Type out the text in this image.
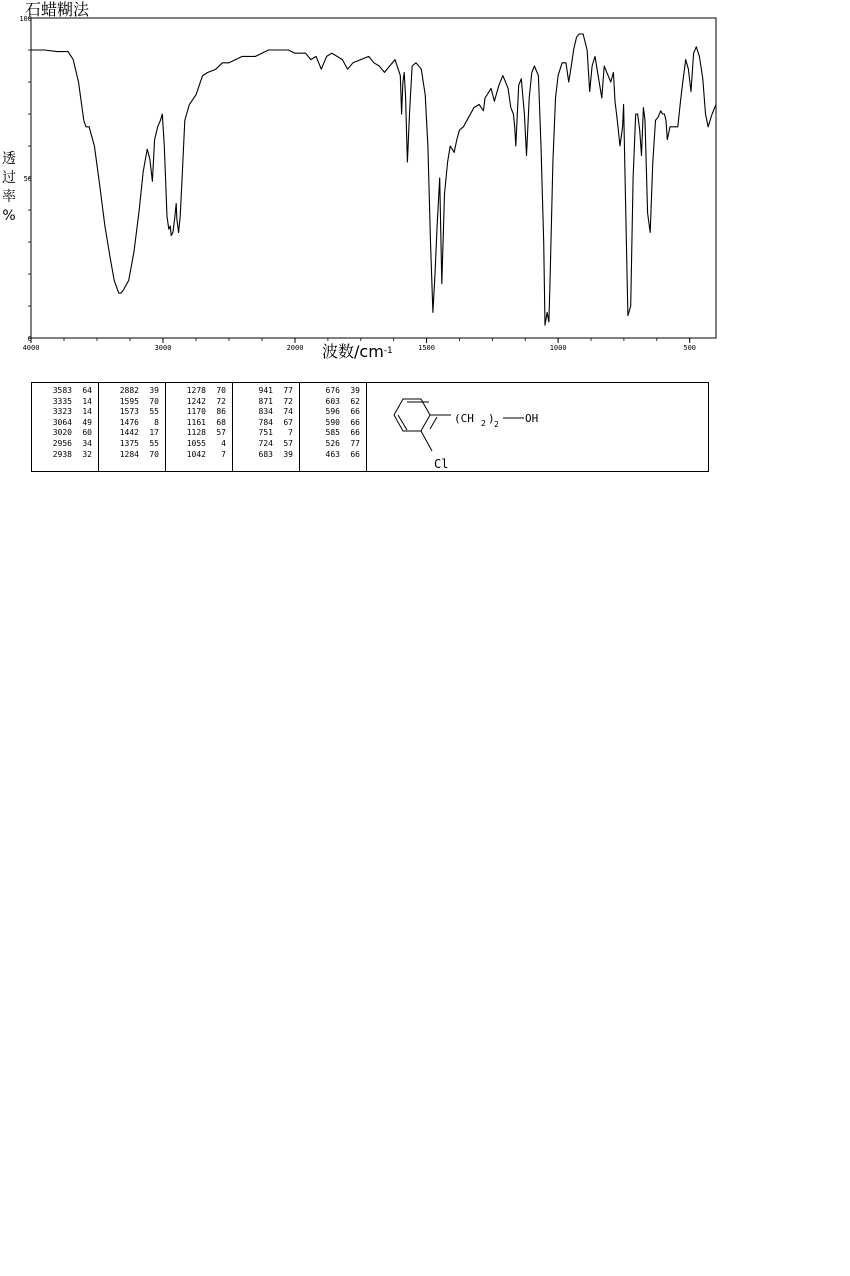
石蜡糊法
4000	3000	2000	1500	1000	500
0
50
100
透
过
率
%
波数$/cm^{-1}$
3583	64
3335	14
3323	14
3064	49
3020	60
2956	34
2938	32

2882	39
1595	70
1573	55
1476	8
1442	17
1375	55
1284	70

1278	70
1242	72
1170	86
1161	68
1128	57
1055	4
1042	7

941	77
871	72
834	74
784	67
751	7
724	57
683	39

676	39
603	62
596	66
590	66
585	66
526	77
463	66

(CH 2 ) 2 OH
Cl
